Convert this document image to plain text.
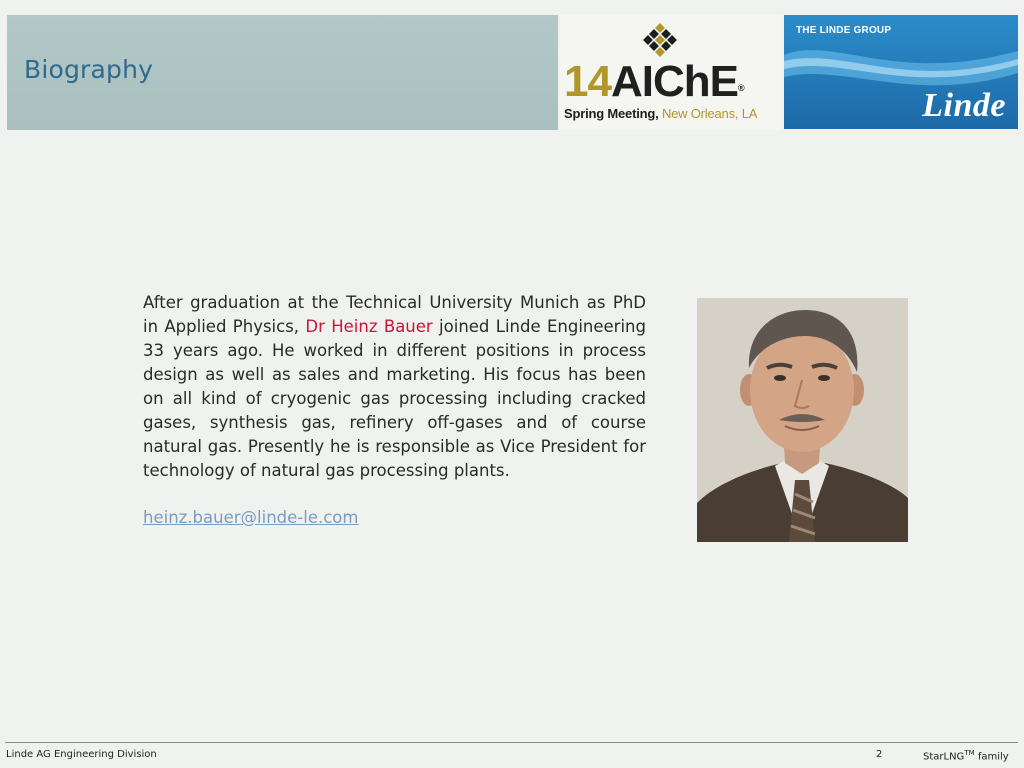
Biography	14AIChE®
Spring Meeting, New Orleans, LA
THE LINDE GROUP
Linde
After graduation at the Technical University Munich as PhD in Applied Physics, Dr Heinz Bauer joined Linde Engineering 33 years ago. He worked in different positions in process design as well as sales and marketing. His focus has been on all kind of cryogenic gas processing including cracked gases, synthesis gas, refinery off-gases and of course natural gas. Presently he is responsible as Vice President for technology of natural gas processing plants.
heinz.bauer@linde-le.com
Linde AG Engineering Division	2	StarLNG™ family
